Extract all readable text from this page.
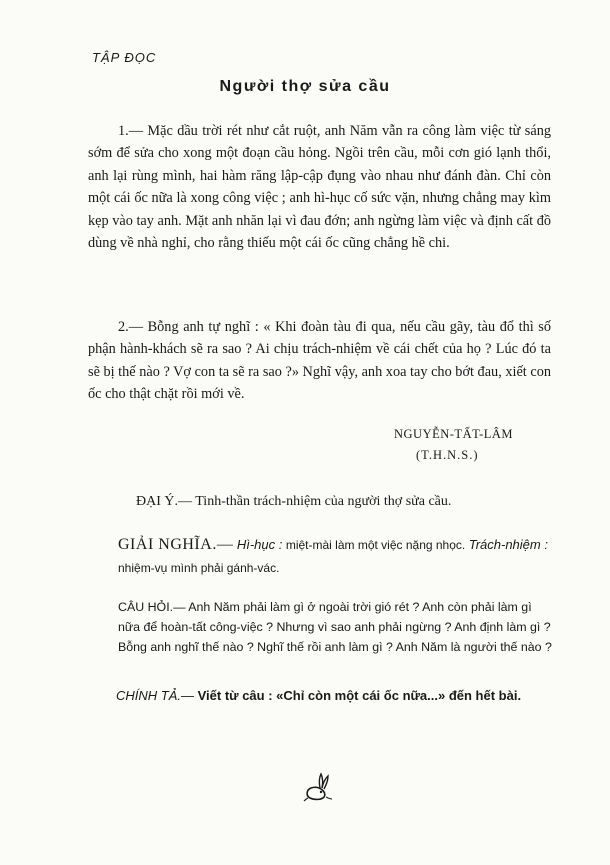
TẬP ĐỌC
Người thợ sửa cầu

1.— Mặc dầu trời rét như cắt ruột, anh Năm vẫn ra công làm việc từ sáng sớm để sửa cho xong một đoạn cầu hỏng. Ngồi trên cầu, mỗi cơn gió lạnh thổi, anh lại rùng mình, hai hàm răng lập-cập đụng vào nhau như đánh đàn. Chỉ còn một cái ốc nữa là xong công việc ; anh hì-hục cố sức vặn, nhưng chẳng may kìm kẹp vào tay anh. Mặt anh nhăn lại vì đau đớn; anh ngừng làm việc và định cất đồ dùng về nhà nghỉ, cho rằng thiếu một cái ốc cũng chẳng hề chi.

2.— Bỗng anh tự nghĩ : « Khi đoàn tàu đi qua, nếu cầu gãy, tàu đổ thì số phận hành-khách sẽ ra sao ? Ai chịu trách-nhiệm về cái chết của họ ? Lúc đó ta sẽ bị thế nào ? Vợ con ta sẽ ra sao ?» Nghĩ vậy, anh xoa tay cho bớt đau, xiết con ốc cho thật chặt rồi mới về.

NGUYỄN-TẤT-LÂM
(T.H.N.S.)
ĐẠI Ý.— Tinh-thần trách-nhiệm của người thợ sửa cầu.
GIẢI NGHĨA.— Hì-hục : miệt-mài làm một việc nặng nhọc. Trách-nhiệm : nhiệm-vụ mình phải gánh-vác.

CÂU HỎI.— Anh Năm phải làm gì ở ngoài trời gió rét ? Anh còn phải làm gì nữa để hoàn-tất công-việc ? Nhưng vì sao anh phải ngừng ? Anh định làm gì ? Bỗng anh nghĩ thế nào ? Nghĩ thế rồi anh làm gì ? Anh Năm là người thế nào ?

CHÍNH TẢ.— Viết từ câu : «Chỉ còn một cái ốc nữa...» đến hết bài.
